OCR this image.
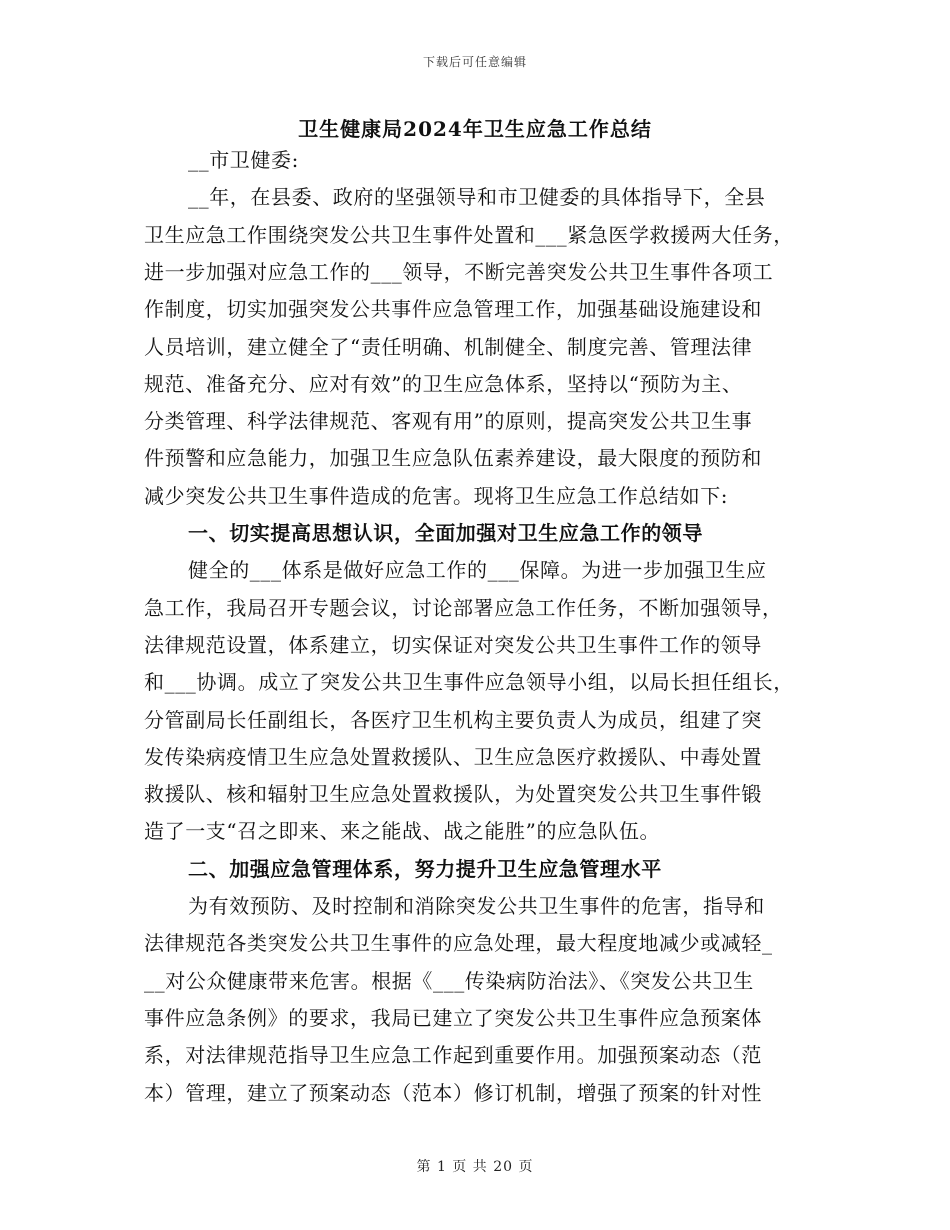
下载后可任意编辑
卫生健康局2024年卫生应急工作总结
__市卫健委:
__年，在县委、政府的坚强领导和市卫健委的具体指导下，全县
卫生应急工作围绕突发公共卫生事件处置和___紧急医学救援两大任务，
进一步加强对应急工作的___领导，不断完善突发公共卫生事件各项工
作制度，切实加强突发公共事件应急管理工作，加强基础设施建设和
人员培训，建立健全了“责任明确、机制健全、制度完善、管理法律
规范、准备充分、应对有效”的卫生应急体系，坚持以“预防为主、
分类管理、科学法律规范、客观有用”的原则，提高突发公共卫生事
件预警和应急能力，加强卫生应急队伍素养建设，最大限度的预防和
减少突发公共卫生事件造成的危害。现将卫生应急工作总结如下:
一、切实提高思想认识，全面加强对卫生应急工作的领导
健全的___体系是做好应急工作的___保障。为进一步加强卫生应
急工作，我局召开专题会议，讨论部署应急工作任务，不断加强领导，
法律规范设置，体系建立，切实保证对突发公共卫生事件工作的领导
和___协调。成立了突发公共卫生事件应急领导小组，以局长担任组长，
分管副局长任副组长，各医疗卫生机构主要负责人为成员，组建了突
发传染病疫情卫生应急处置救援队、卫生应急医疗救援队、中毒处置
救援队、核和辐射卫生应急处置救援队，为处置突发公共卫生事件锻
造了一支“召之即来、来之能战、战之能胜”的应急队伍。
二、加强应急管理体系，努力提升卫生应急管理水平
为有效预防、及时控制和消除突发公共卫生事件的危害，指导和
法律规范各类突发公共卫生事件的应急处理，最大程度地减少或减轻_
__对公众健康带来危害。根据《___传染病防治法》、《突发公共卫生
事件应急条例》的要求，我局已建立了突发公共卫生事件应急预案体
系，对法律规范指导卫生应急工作起到重要作用。加强预案动态（范
本）管理，建立了预案动态（范本）修订机制，增强了预案的针对性
第 1 页 共 20 页
